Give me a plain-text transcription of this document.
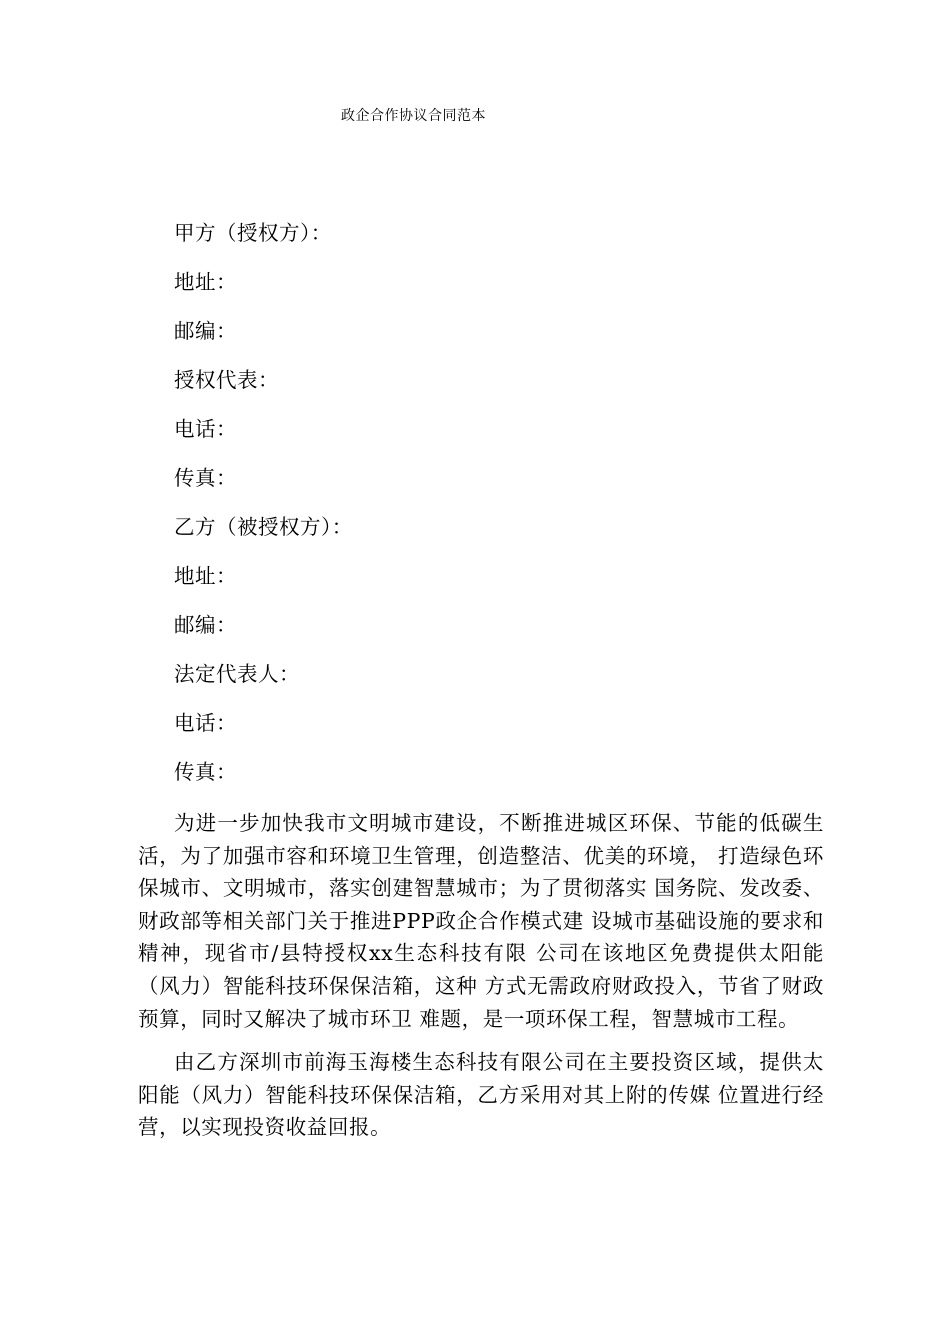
政企合作协议合同范本
甲方（授权方）：
地址：
邮编：
授权代表：
电话：
传真：
乙方（被授权方）：
地址：
邮编：
法定代表人：
电话：
传真：

为进一步加快我市文明城市建设，不断推进城区环保、节能的低碳生活，为了加强市容和环境卫生管理，创造整洁、优美的环境， 打造绿色环保城市、文明城市，落实创建智慧城市；为了贯彻落实 国务院、发改委、财政部等相关部门关于推进PPP政企合作模式建 设城市基础设施的要求和精神，现省市/县特授权xx生态科技有限 公司在该地区免费提供太阳能（风力）智能科技环保保洁箱，这种 方式无需政府财政投入，节省了财政预算，同时又解决了城市环卫 难题，是一项环保工程，智慧城市工程。

由乙方深圳市前海玉海楼生态科技有限公司在主要投资区域，提供太阳能（风力）智能科技环保保洁箱，乙方采用对其上附的传媒 位置进行经营，以实现投资收益回报。
